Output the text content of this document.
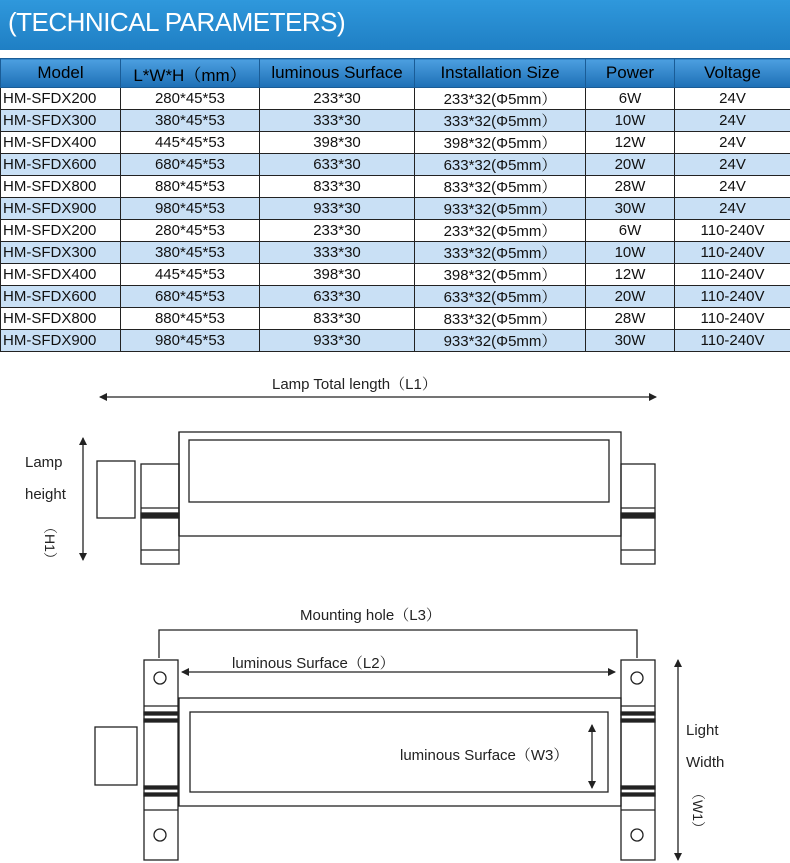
(TECHNICAL PARAMETERS)
Model	L*W*H（mm）	luminous Surface	Installation Size	Power	Voltage
HM-SFDX200	280*45*53	233*30	233*32(Φ5mm）	6W	24V
HM-SFDX300	380*45*53	333*30	333*32(Φ5mm）	10W	24V
HM-SFDX400	445*45*53	398*30	398*32(Φ5mm）	12W	24V
HM-SFDX600	680*45*53	633*30	633*32(Φ5mm）	20W	24V
HM-SFDX800	880*45*53	833*30	833*32(Φ5mm）	28W	24V
HM-SFDX900	980*45*53	933*30	933*32(Φ5mm）	30W	24V
HM-SFDX200	280*45*53	233*30	233*32(Φ5mm）	6W	110-240V
HM-SFDX300	380*45*53	333*30	333*32(Φ5mm）	10W	110-240V
HM-SFDX400	445*45*53	398*30	398*32(Φ5mm）	12W	110-240V
HM-SFDX600	680*45*53	633*30	633*32(Φ5mm）	20W	110-240V
HM-SFDX800	880*45*53	833*30	833*32(Φ5mm）	28W	110-240V
HM-SFDX900	980*45*53	933*30	933*32(Φ5mm）	30W	110-240V
Lamp Total length（L1）
Lamp
height
（H1）
Mounting hole（L3）
luminous Surface（L2）
luminous Surface（W3）
Light
Width
（W1）
